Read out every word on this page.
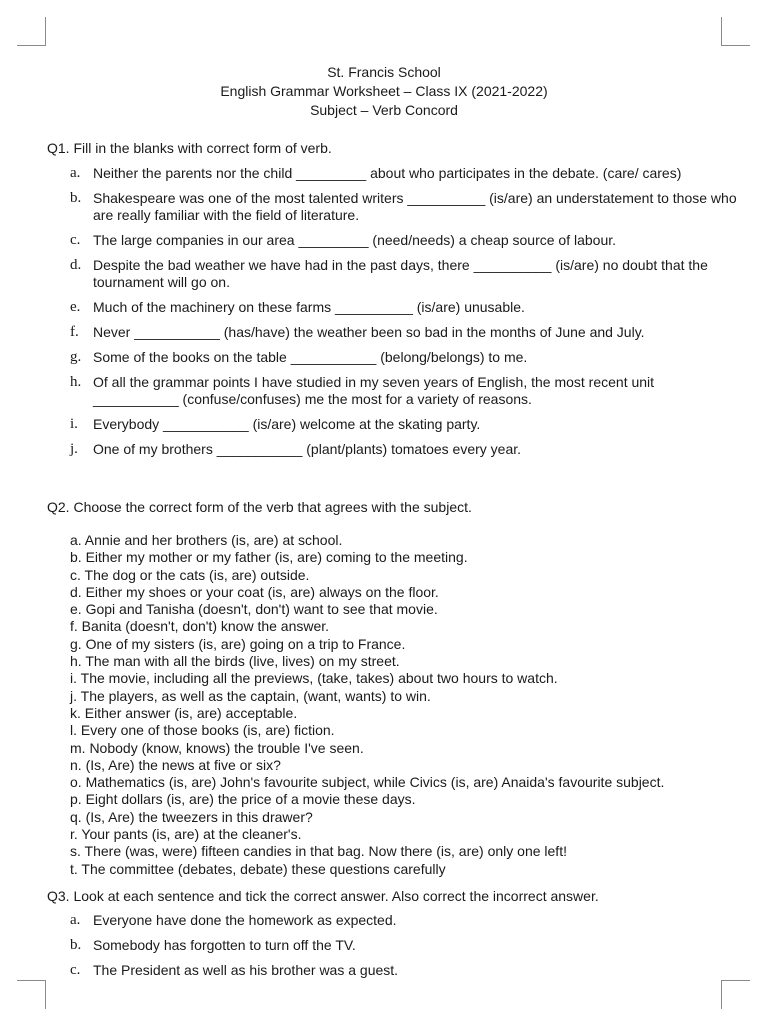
St. Francis School
English Grammar Worksheet – Class IX (2021-2022)
Subject – Verb Concord
Q1. Fill in the blanks with correct form of verb.
a. Neither the parents nor the child _________ about who participates in the debate. (care/ cares)
b. Shakespeare was one of the most talented writers __________ (is/are) an understatement to those who are really familiar with the field of literature.
c. The large companies in our area _________ (need/needs) a cheap source of labour.
d. Despite the bad weather we have had in the past days, there __________ (is/are) no doubt that the tournament will go on.
e. Much of the machinery on these farms __________ (is/are) unusable.
f. Never ___________ (has/have) the weather been so bad in the months of June and July.
g. Some of the books on the table ___________ (belong/belongs) to me.
h. Of all the grammar points I have studied in my seven years of English, the most recent unit ___________ (confuse/confuses) me the most for a variety of reasons.
i. Everybody ___________ (is/are) welcome at the skating party.
j. One of my brothers ___________ (plant/plants) tomatoes every year.
Q2. Choose the correct form of the verb that agrees with the subject.
a. Annie and her brothers (is, are) at school.
b. Either my mother or my father (is, are) coming to the meeting.
c. The dog or the cats (is, are) outside.
d. Either my shoes or your coat (is, are) always on the floor.
e. Gopi and Tanisha (doesn't, don't) want to see that movie.
f. Banita (doesn't, don't) know the answer.
g. One of my sisters (is, are) going on a trip to France.
h. The man with all the birds (live, lives) on my street.
i. The movie, including all the previews, (take, takes) about two hours to watch.
j. The players, as well as the captain, (want, wants) to win.
k. Either answer (is, are) acceptable.
l. Every one of those books (is, are) fiction.
m. Nobody (know, knows) the trouble I've seen.
n. (Is, Are) the news at five or six?
o. Mathematics (is, are) John's favourite subject, while Civics (is, are) Anaida's favourite subject.
p. Eight dollars (is, are) the price of a movie these days.
q. (Is, Are) the tweezers in this drawer?
r. Your pants (is, are) at the cleaner's.
s. There (was, were) fifteen candies in that bag. Now there (is, are) only one left!
t. The committee (debates, debate) these questions carefully
Q3. Look at each sentence and tick the correct answer. Also correct the incorrect answer.
a. Everyone have done the homework as expected.
b. Somebody has forgotten to turn off the TV.
c. The President as well as his brother was a guest.
